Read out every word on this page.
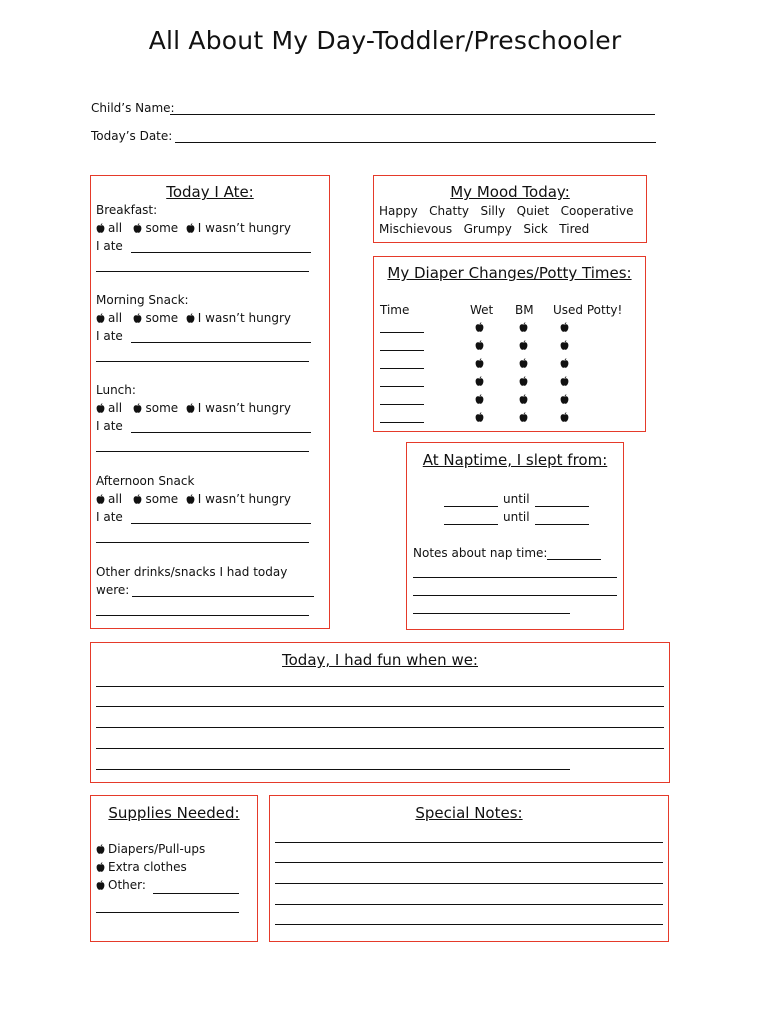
All About My Day-Toddler/Preschooler
Child’s Name:
Today’s Date:
Today I Ate:
Breakfast:
all some I wasn’t hungry
I ate
Morning Snack:
all some I wasn’t hungry
I ate
Lunch:
all some I wasn’t hungry
I ate
Afternoon Snack
all some I wasn’t hungry
I ate
Other drinks/snacks I had today
were:
My Mood Today:
Happy Chatty Silly Quiet Cooperative
Mischievous Grumpy Sick Tired
My Diaper Changes/Potty Times:
Time	Wet BM Used Potty!
At Naptime, I slept from:
until
until
Notes about nap time:
Today, I had fun when we:
Supplies Needed:
Diapers/Pull-ups
Extra clothes
Other:
Special Notes:
